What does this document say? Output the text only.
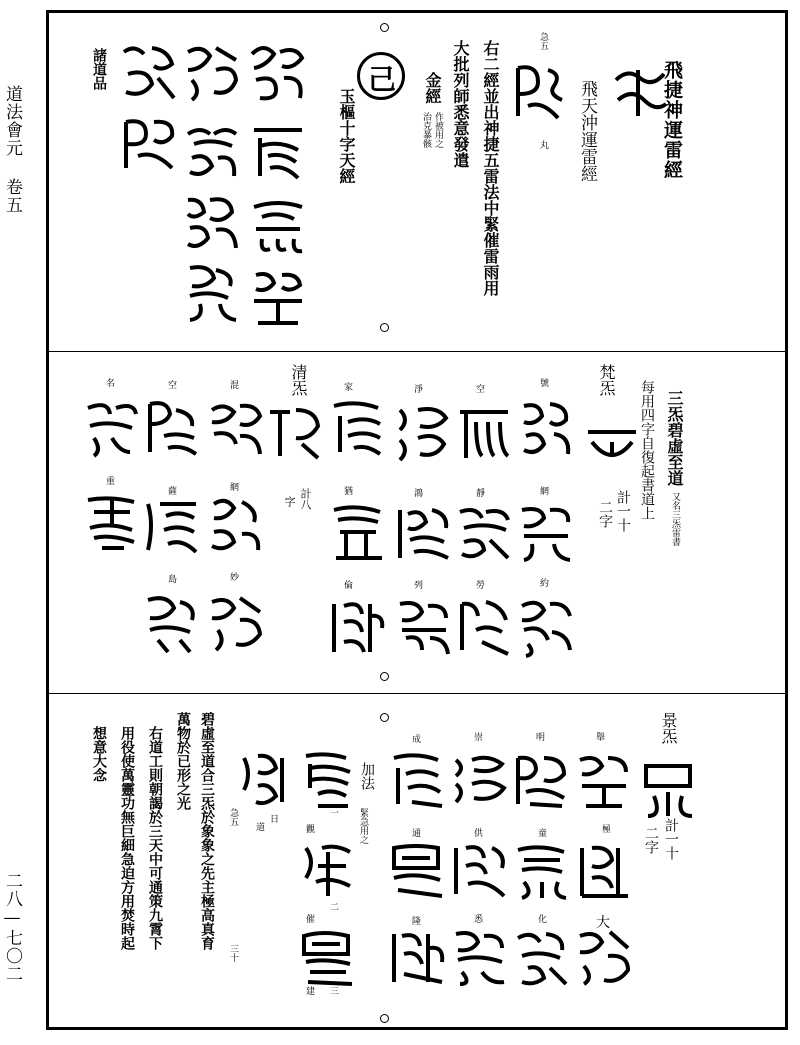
道法會元 卷五
二八—七〇二
飛捷神運雷經
飛天沖運雷經
急五
丸
右二經並出神捷五雷法中緊催雷雨用
大批列師悉意發遣
金經
作被用之
治克暴骸
玉樞十字天經
諸道品	己
三炁碧虛至道
又名三炁雷書
每用四字自復起書道上
梵炁
計一十
二字
清炁
計八
字
號
空
淨
家
混
空
名
網
靜
鴻
網	猶
薩
約
列	勞
倫
重
妙
島
景炁
計一十
二字
加法
緊急用之
舉
明
崇
成
極
童
供
通
大
化
悉
隆
一
二
三
觀
催
建
日
道
急五
三十
碧虛至道合三炁於象象之先主極高真育
萬物於已形之光
右道工則朝謁於三天中可通策九霄下
用役使萬靈功無巨細急迫方用焚時起
想意大念
